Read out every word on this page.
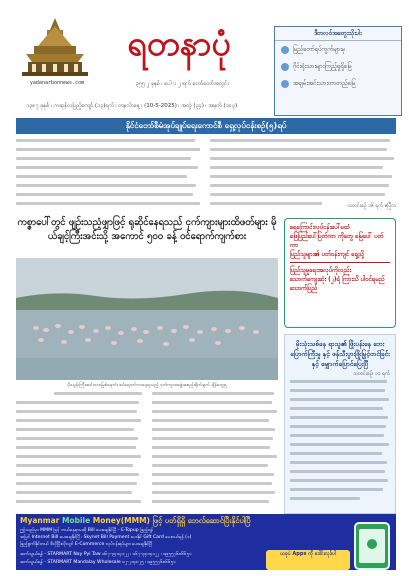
yadanarbonnews.com
ရတနာပုံ
၃၅၅ ၂ ခုနှစ် ၊ ပေါ ၁ ၂ ရက် တော်တော်အတွင်း
၁၃၈၇ ခုနှစ် ၊ ကဆုန်လပြည့်ကျော် (၁၃)ရက် ၊ တနင်္လာနေ့ ၊ (10-5-2025) ၊ အတွဲ (၃၄) ၊ အမှတ် (၁၀၃)
ဒီတလဝ်အတွေးသိုးပါး
မြည်တော်ရပ်ကွက်များမှ
ဂိုင်းရုံးသားများကြည့်ရှုရှိမြေ
အချမ်းအင်းသားတာတည်မြေ
နိုင်ငံတော်စီမံအုပ်ချုပ်ရေးကောင်စီ ရှေ့လုပ်ငန်းစဉ်(၅)ရပ်
သတင်းစဉ် ၁၆ ရက် ဧပြီလ
ကစ္စာပေါ်တွင် ဖျဉ်းသညံ့ဖျှာဖြင့် ရုဆိုင်နေရသည် ငှက်ကျားများထိဖတ်များ မိုယ်ချင့်ကြီးအင်းသို့ အကောင် ၅၀၀ ခန့် ဝင်ရောက်ကျက်စား
မိုးယွန်းကြီးအင်းသားမြစ်ရောင်း စပ်ရောက်ကာနေရသည့် ငှက်ကျားအဖွဲ့အစည်းရိုက်ချက် ချိန်တွေ့ရ

ရေကြောင်းလုပ်ငန်းပေါ်မထံ

ဖြေပြည်ပေါ်ပြတ်ကာ ကိုတွေ မြေပေါ် ပတ်ကာ

ပြည်သူများ၏ ပတ်ဝန်းကျင် ရှေ့သို့

ပြည်သူမှုရေးအလုပ်ကိုလည်း

သောက်ကျေးဆုံး (၂)ရံ ကြားသိ ပါဝင်ရမည်

သောက်ပြည်

မိုးသုံးသစ်နေ ရာသူ၏ ဖြိုးပန်းနေ ဘေးပြောက်ကြီးမှု နှင့် ဖန်သီးပွားဖြိုးမြှင့်တင်ခြင်း နှင့် မျှောက်ပြောင်ပြေးပြီ
သတင်းစဉ်၊ ၁၁ ရက်
Myanmar Mobile Money(MMM) ဖြင့် ပတ်ရှိရှိ ဘေလ်ဆောင်ပြီးနိုင်ပါပြီ
ဤသည်မှာ MMM ဖြင့် ဘယ်နေရာမဆို Bill ပေးချေနိုင်ပြီ - E-Topup ဖြည့်ရန်
အပြင် Internet Bill ပေးချေနိုင်ပြီ ၊ Skynet Bill Payment ပေးနိုင် Gift Card ပေးဝယ်ရန် (၁)
ဖြည့်စွက်နိုင်တယ် ဒီလိုပြီးလိုလျင် E-Commerce လုပ်ငန်းရပ်များ ပေးချေနိုင်ပြီ
ဆက်သွယ်ရန် - STARMART Nay Pyi Taw ၀၆၇-၃၄၁၄၁၂၂ ၊ ၀၆၇-၃၄၁၄၁၂၂ ၊ ၀၉၅၅၇၆၈၆၆၅၁
ဆက်သွယ်ရန် - STARMART Mandalay Wholesale ၀၂-၂၁၄၈၂၅ ၊ ၀၉၅၅၇၆၈၆၆၅၁
ယခုပဲ Apps ကို ဒေါင်းလုဒ်ပါ
